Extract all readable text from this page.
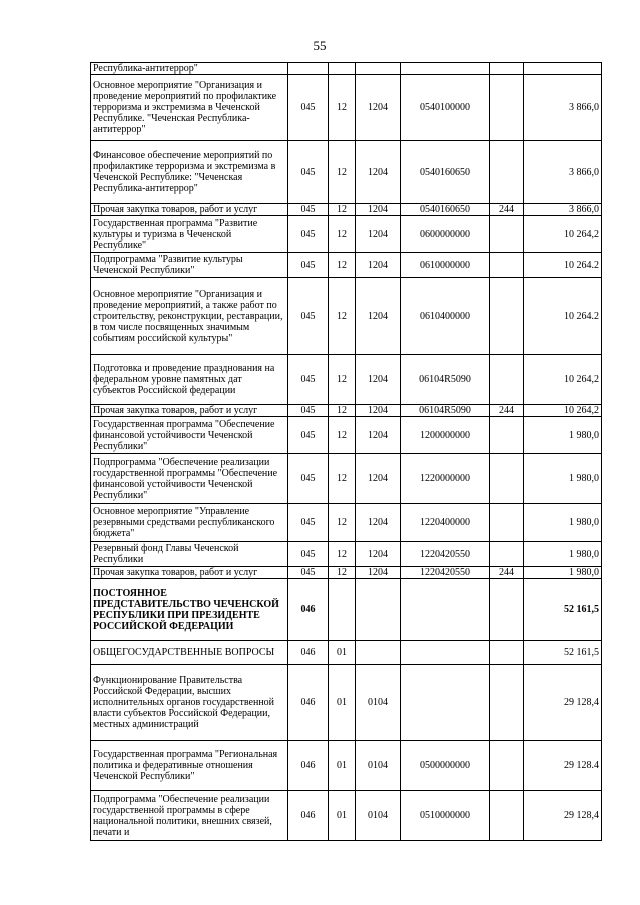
55
Республика-антитеррор"						
Основное мероприятие "Организация и проведение мероприятий по профилактике терроризма и экстремизма в Чеченской Республике. "Чеченская Республика-антитеррор"	045	12	1204	0540100000		3 866,0
Финансовое обеспечение мероприятий по профилактике терроризма и экстремизма в Чеченской Республике: "Чеченская Республика-антитеррор"	045	12	1204	0540160650		3 866,0
Прочая закупка товаров, работ и услуг	045	12	1204	0540160650	244	3 866,0
Государственная программа "Развитие культуры и туризма в Чеченской Республике"	045	12	1204	0600000000		10 264,2
Подпрограмма "Развитие культуры Чеченской Республики"	045	12	1204	0610000000		10 264.2
Основное мероприятие "Организация и проведение мероприятий, а также работ по строительству, реконструкции, реставрации, в том числе посвященных значимым событиям российской культуры"	045	12	1204	0610400000		10 264.2
Подготовка и проведение празднования на федеральном уровне памятных дат субъектов Российской федерации	045	12	1204	06104R5090		10 264,2
Прочая закупка товаров, работ и услуг	045	12	1204	06104R5090	244	10 264,2
Государственная программа "Обеспечение финансовой устойчивости Чеченской Республики"	045	12	1204	1200000000		1 980,0
Подпрограмма "Обеспечение реализации государственной программы "Обеспечение финансовой устойчивости Чеченской Республики"	045	12	1204	1220000000		1 980,0
Основное мероприятие "Управление резервными средствами республиканского бюджета"	045	12	1204	1220400000		1 980,0
Резервный фонд Главы Чеченской Республики	045	12	1204	1220420550		1 980,0
Прочая закупка товаров, работ и услуг	045	12	1204	1220420550	244	1 980,0
ПОСТОЯННОЕ ПРЕДСТАВИТЕЛЬСТВО ЧЕЧЕНСКОЙ РЕСПУБЛИКИ ПРИ ПРЕЗИДЕНТЕ РОССИЙСКОЙ ФЕДЕРАЦИИ	046					52 161,5
ОБЩЕГОСУДАРСТВЕННЫЕ ВОПРОСЫ	046	01				52 161,5
Функционирование Правительства Российской Федерации, высших исполнительных органов государственной власти субъектов Российской Федерации, местных администраций	046	01	0104			29 128,4
Государственная программа "Региональная политика и федеративные отношения Чеченской Республики"	046	01	0104	0500000000		29 128.4
Подпрограмма "Обеспечение реализации государственной программы в сфере национальной политики, внешних связей, печати и	046	01	0104	0510000000		29 128,4
